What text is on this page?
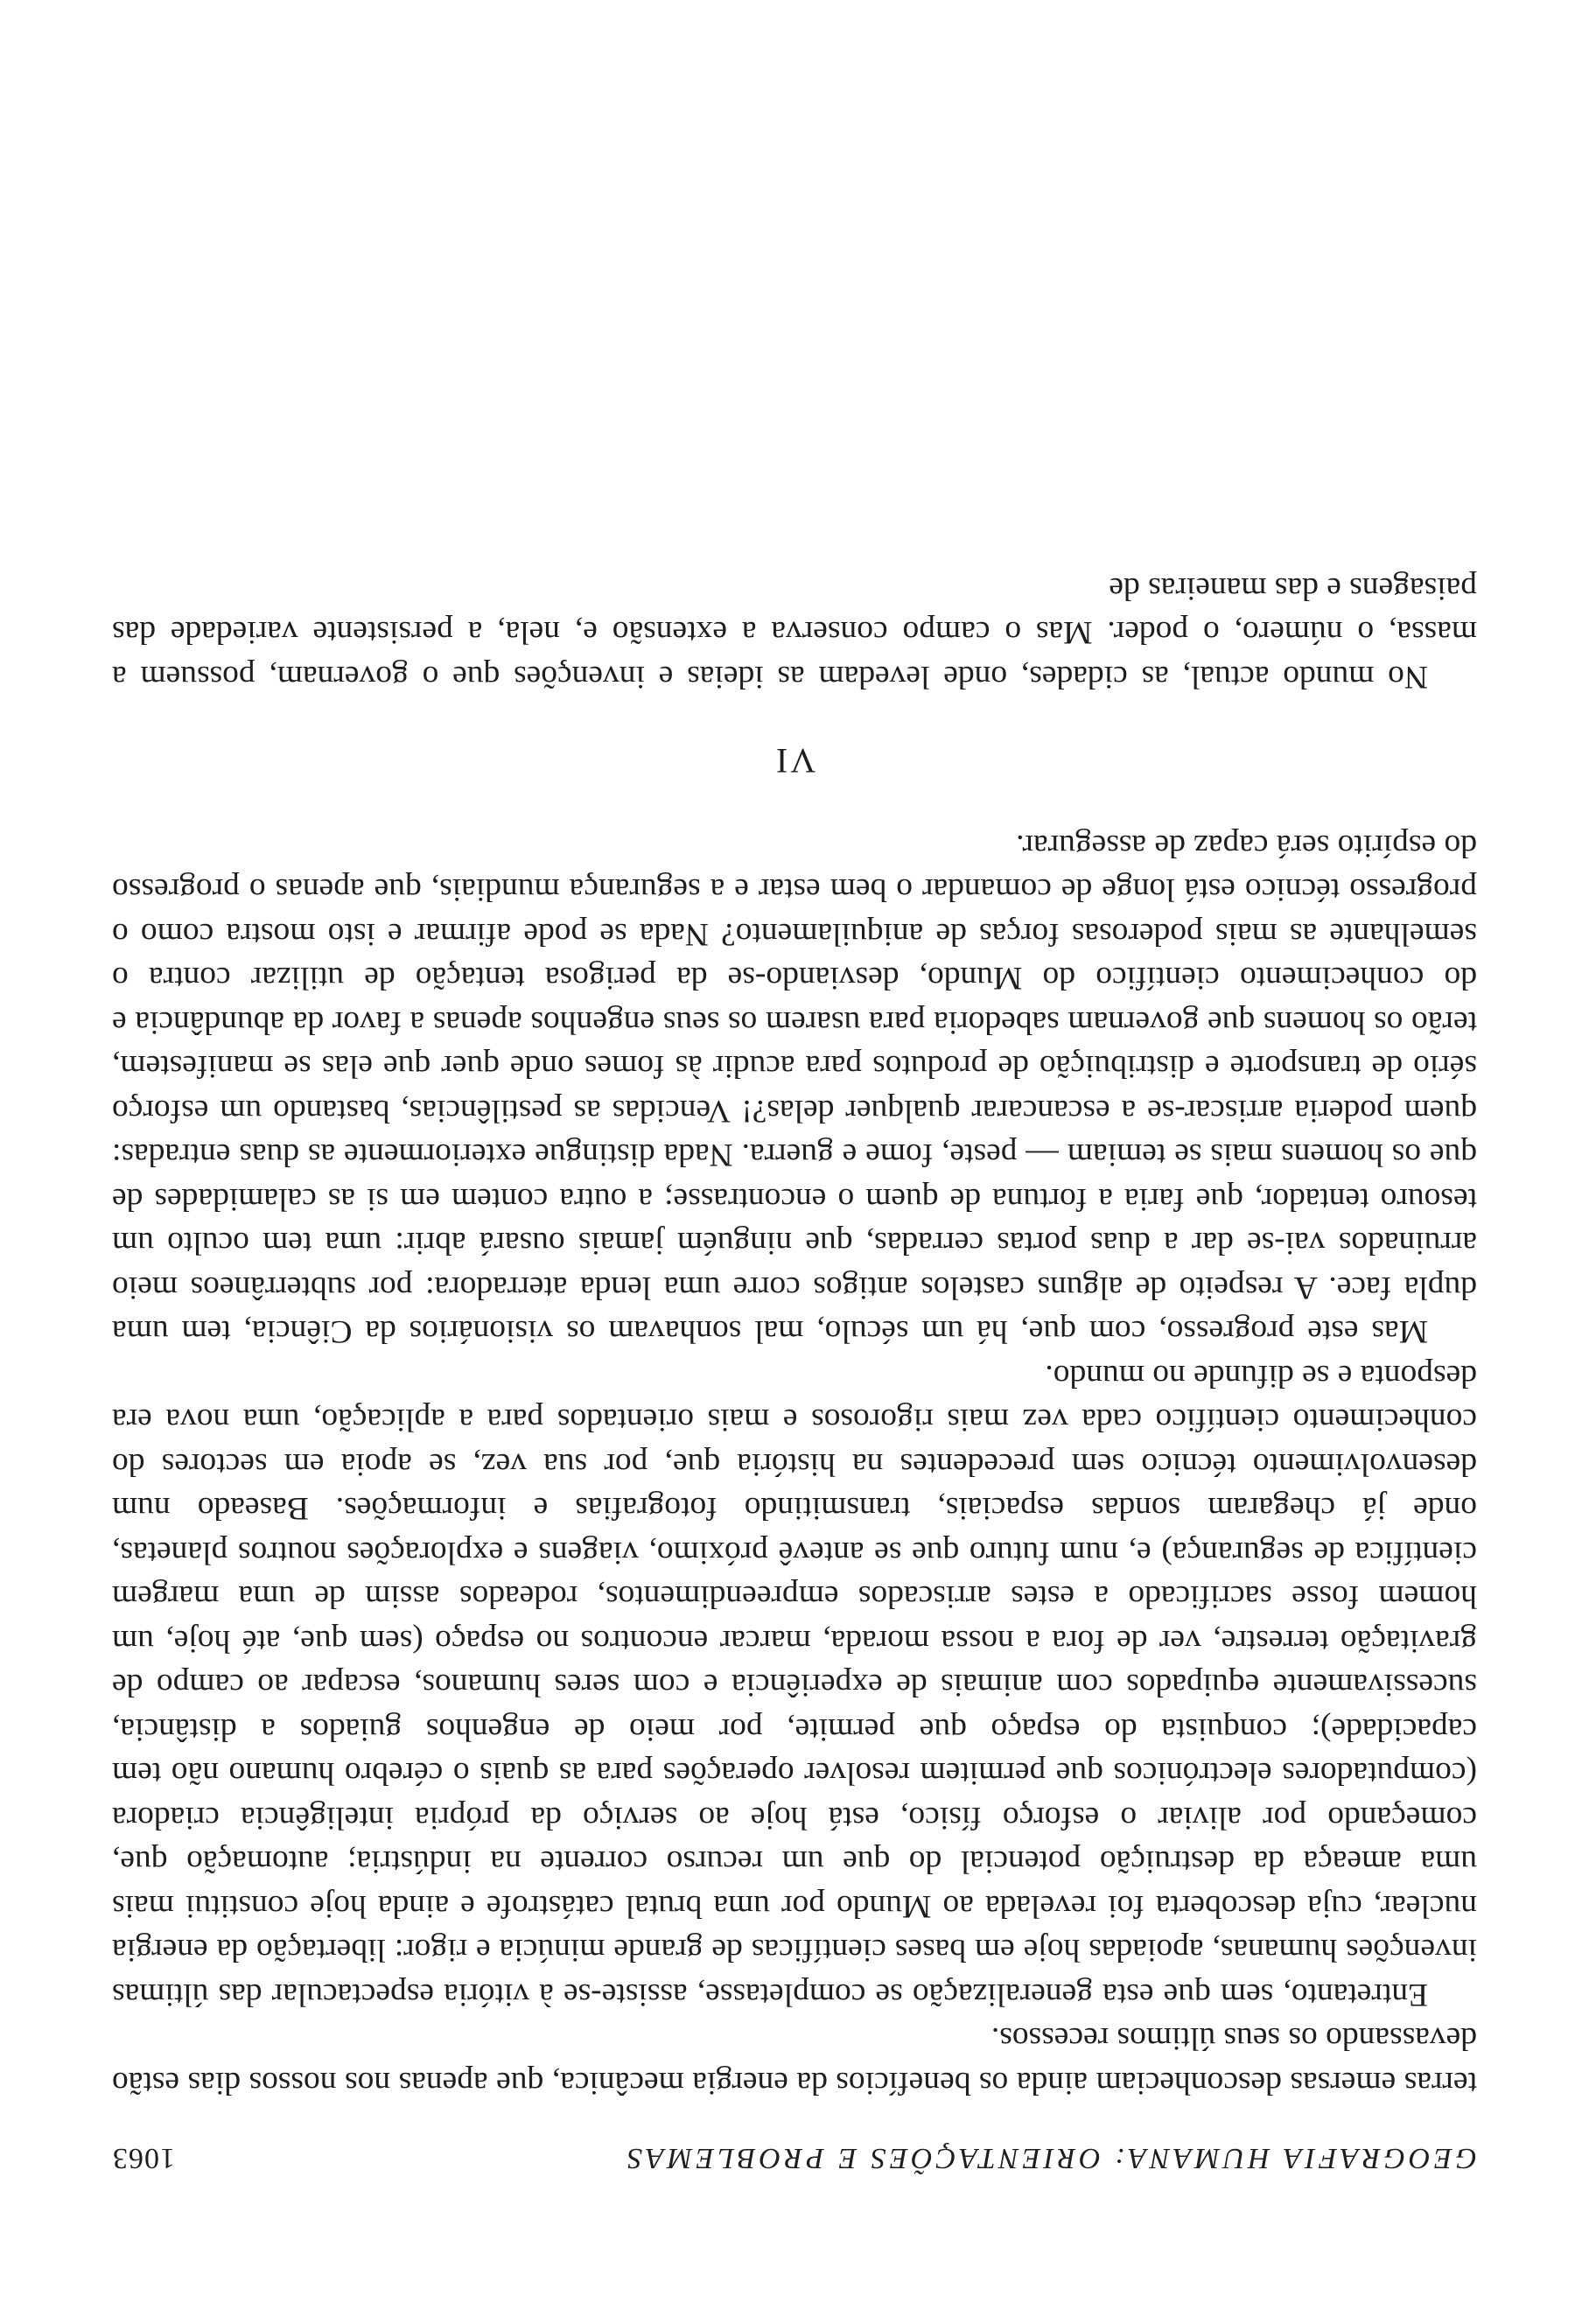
GEOGRAFIA HUMANA: ORIENTAÇÕES E PROBLEMAS
1063

terras emersas desconheciam ainda os benefícios da energia mecânica, que apenas nos nossos dias estão devassando os seus últimos recessos.

Entretanto, sem que esta generalização se completasse, assiste-se à vitória espectacular das últimas invenções humanas, apoiadas hoje em bases científicas de grande minúcia e rigor: libertação da energia nuclear, cuja descoberta foi revelada ao Mundo por uma brutal catástrofe e ainda hoje constitui mais uma ameaça da destruição potencial do que um recurso corrente na indústria; automação que, começando por aliviar o esforço físico, está hoje ao serviço da própria inteligência criadora (computadores electrónicos que permitem resolver operações para as quais o cérebro humano não tem capacidade); conquista do espaço que permite, por meio de engenhos guiados a distância, sucessivamente equipados com animais de experiência e com seres humanos, escapar ao campo de gravitação terrestre, ver de fora a nossa morada, marcar encontros no espaço (sem que, até hoje, um homem fosse sacrificado a estes arriscados empreendimentos, rodeados assim de uma margem científica de segurança) e, num futuro que se antevê próximo, viagens e explorações noutros planetas, onde já chegaram sondas espaciais, transmitindo fotografias e informações. Baseado num desenvolvimento técnico sem precedentes na história que, por sua vez, se apoia em sectores do conhecimento científico cada vez mais rigorosos e mais orientados para a aplicação, uma nova era desponta e se difunde no mundo.

Mas este progresso, com que, há um século, mal sonhavam os visionários da Ciência, tem uma dupla face. A respeito de alguns castelos antigos corre uma lenda aterradora: por subterrâneos meio arruinados vai-se dar a duas portas cerradas, que ninguém jamais ousará abrir: uma tem oculto um tesouro tentador, que faria a fortuna de quem o encontrasse; a outra contem em si as calamidades de que os homens mais se temiam — peste, fome e guerra. Nada distingue exteriormente as duas entradas: quem poderia arriscar-se a escancarar qualquer delas?! Vencidas as pestilências, bastando um esforço sério de transporte e distribuição de produtos para acudir às fomes onde quer que elas se manifestem, terão os homens que governam sabedoria para usarem os seus engenhos apenas a favor da abundância e do conhecimento científico do Mundo, desviando-se da perigosa tentação de utilizar contra o semelhante as mais poderosas forças de aniquilamento? Nada se pode afirmar e isto mostra como o progresso técnico está longe de comandar o bem estar e a segurança mundiais, que apenas o progresso do espírito será capaz de assegurar.

VI

No mundo actual, as cidades, onde levedam as ideias e invenções que o governam, possuem a massa, o número, o poder. Mas o campo conserva a extensão e, nela, a persistente variedade das paisagens e das maneiras de
